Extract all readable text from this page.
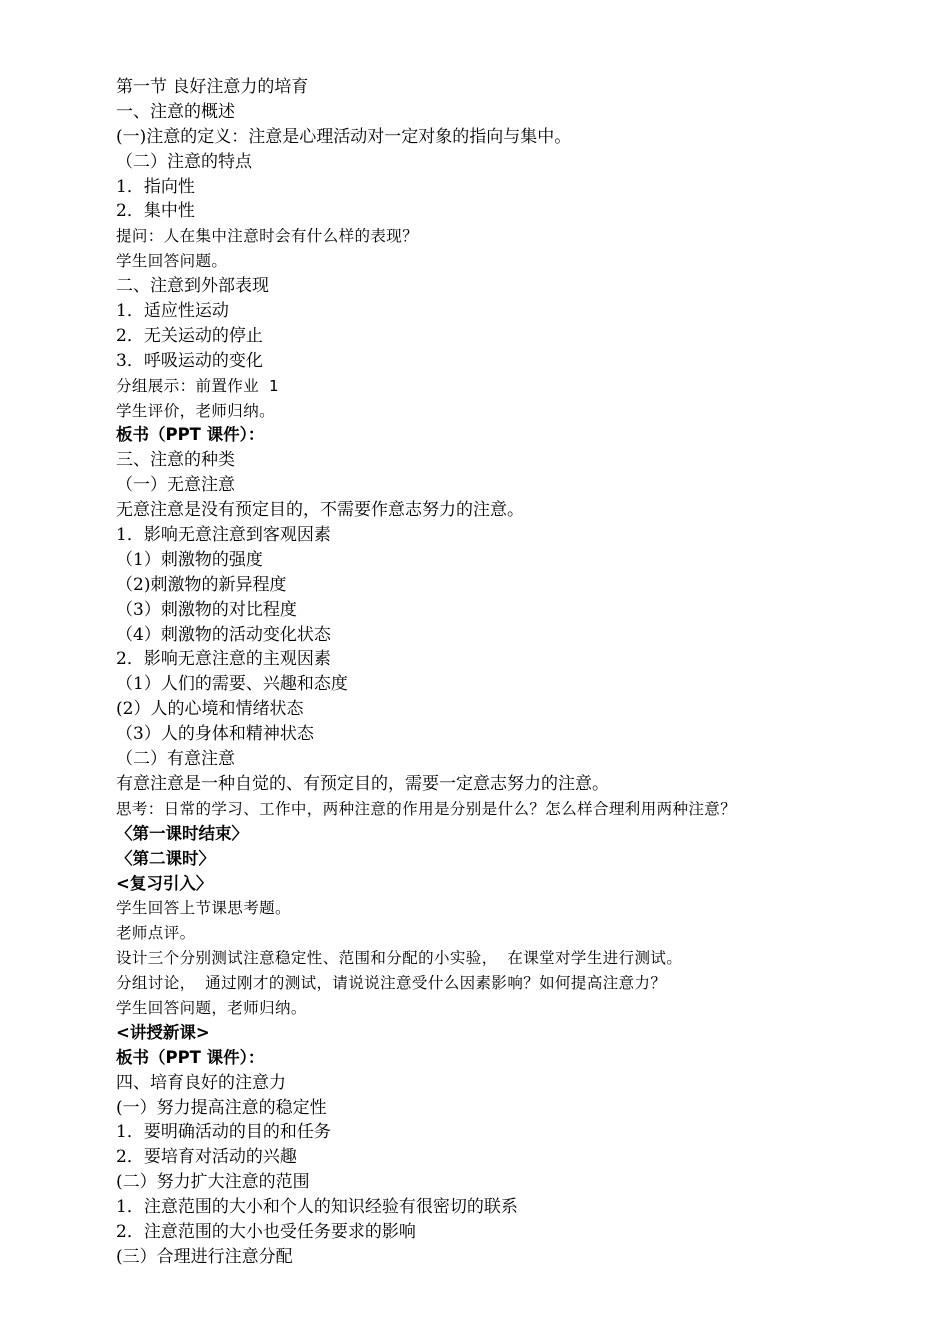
第一节 良好注意力的培育
一、注意的概述
(一)注意的定义：注意是心理活动对一定对象的指向与集中。
（二）注意的特点
1．指向性
2．集中性
提问：人在集中注意时会有什么样的表现？
学生回答问题。
二、注意到外部表现
1．适应性运动
2．无关运动的停止
3．呼吸运动的变化
分组展示：前置作业 1
学生评价，老师归纳。
板书（PPT 课件）：
三、注意的种类
（一）无意注意
无意注意是没有预定目的，不需要作意志努力的注意。
1．影响无意注意到客观因素
（1）刺激物的强度
（2)刺激物的新异程度
（3）刺激物的对比程度
（4）刺激物的活动变化状态
2．影响无意注意的主观因素
（1）人们的需要、兴趣和态度
(2）人的心境和情绪状态
（3）人的身体和精神状态
（二）有意注意
有意注意是一种自觉的、有预定目的，需要一定意志努力的注意。
思考：日常的学习、工作中，两种注意的作用是分别是什么？怎么样合理利用两种注意？
〈第一课时结束〉
〈第二课时〉
<复习引入〉
学生回答上节课思考题。
老师点评。
设计三个分别测试注意稳定性、范围和分配的小实验， 在课堂对学生进行测试。
分组讨论， 通过刚才的测试，请说说注意受什么因素影响？如何提高注意力？
学生回答问题，老师归纳。
<讲授新课>
板书（PPT 课件）：
四、培育良好的注意力
(一）努力提高注意的稳定性
1．要明确活动的目的和任务
2．要培育对活动的兴趣
(二）努力扩大注意的范围
1．注意范围的大小和个人的知识经验有很密切的联系
2．注意范围的大小也受任务要求的影响
(三）合理进行注意分配
